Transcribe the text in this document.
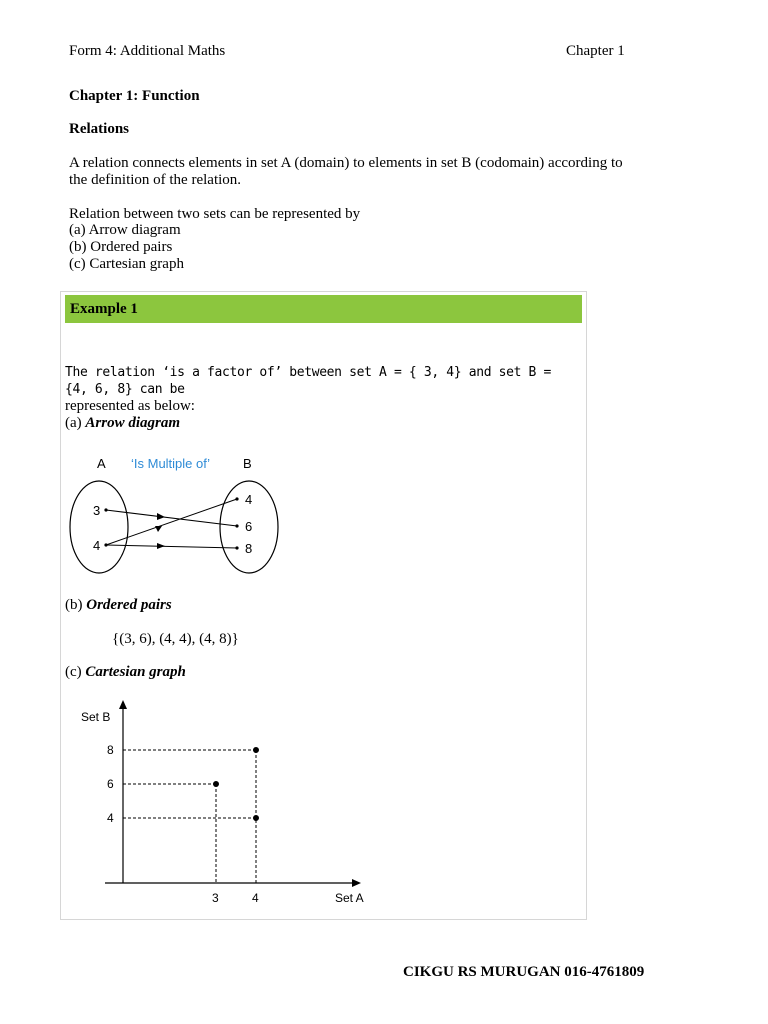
Form 4: Additional Maths	Chapter 1

Chapter 1: Function

Relations

A relation connects elements in set A (domain) to elements in set B (codomain) according to

the definition of the relation.

Relation between two sets can be represented by

(a) Arrow diagram

(b) Ordered pairs

(c) Cartesian graph

Example 1

The relation ‘is a factor of’ between set A = { 3, 4} and set B = {4, 6, 8} can be
represented as below:

(a) Arrow diagram
A ‘Is Multiple of’	B
3
4
4
6
8
(b) Ordered pairs
{(3, 6), (4, 4), (4, 8)}
(c) Cartesian graph
Set B
Set A
4
6
8
3	4
CIKGU RS MURUGAN 016-4761809
